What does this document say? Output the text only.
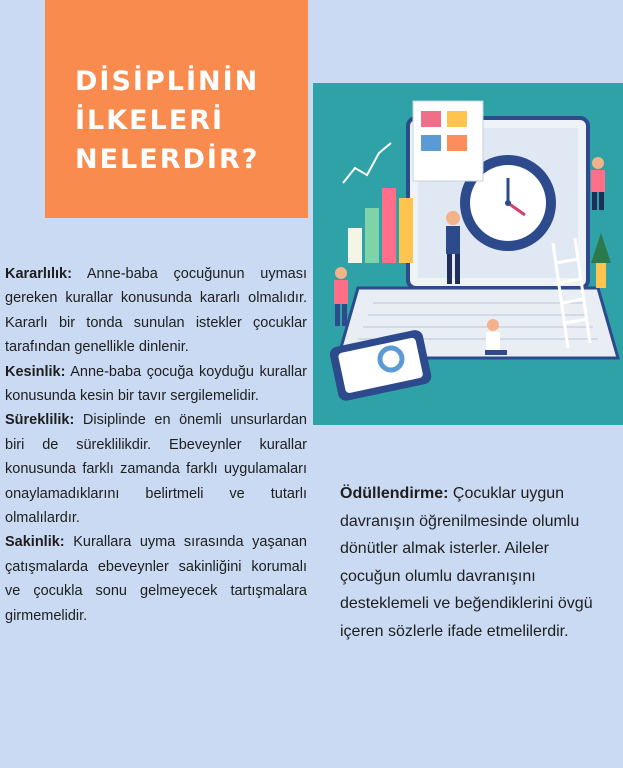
DİSİPLİNİN
İLKELERİ
NELERDİR?

Kararlılık: Anne-baba çocuğunun uyması gereken kurallar konusunda kararlı olmalıdır. Kararlı bir tonda sunulan istekler çocuklar tarafından genellikle dinlenir.

Kesinlik: Anne-baba çocuğa koyduğu kurallar konusunda kesin bir tavır sergilemelidir.

Süreklilik: Disiplinde en önemli unsurlardan biri de süreklilikdir. Ebeveynler kurallar konusunda farklı zamanda farklı uygulamaları onaylamadıklarını belirtmeli ve tutarlı olmalılardır.

Sakinlik: Kurallara uyma sırasında yaşanan çatışmalarda ebeveynler sakinliğini korumalı ve çocukla sonu gelmeyecek tartışmalara girmemelidir.

Ödüllendirme: Çocuklar uygun davranışın öğrenilmesinde olumlu dönütler almak isterler. Aileler çocuğun olumlu davranışını desteklemeli ve beğendiklerini övgü içeren sözlerle ifade etmelilerdir.
